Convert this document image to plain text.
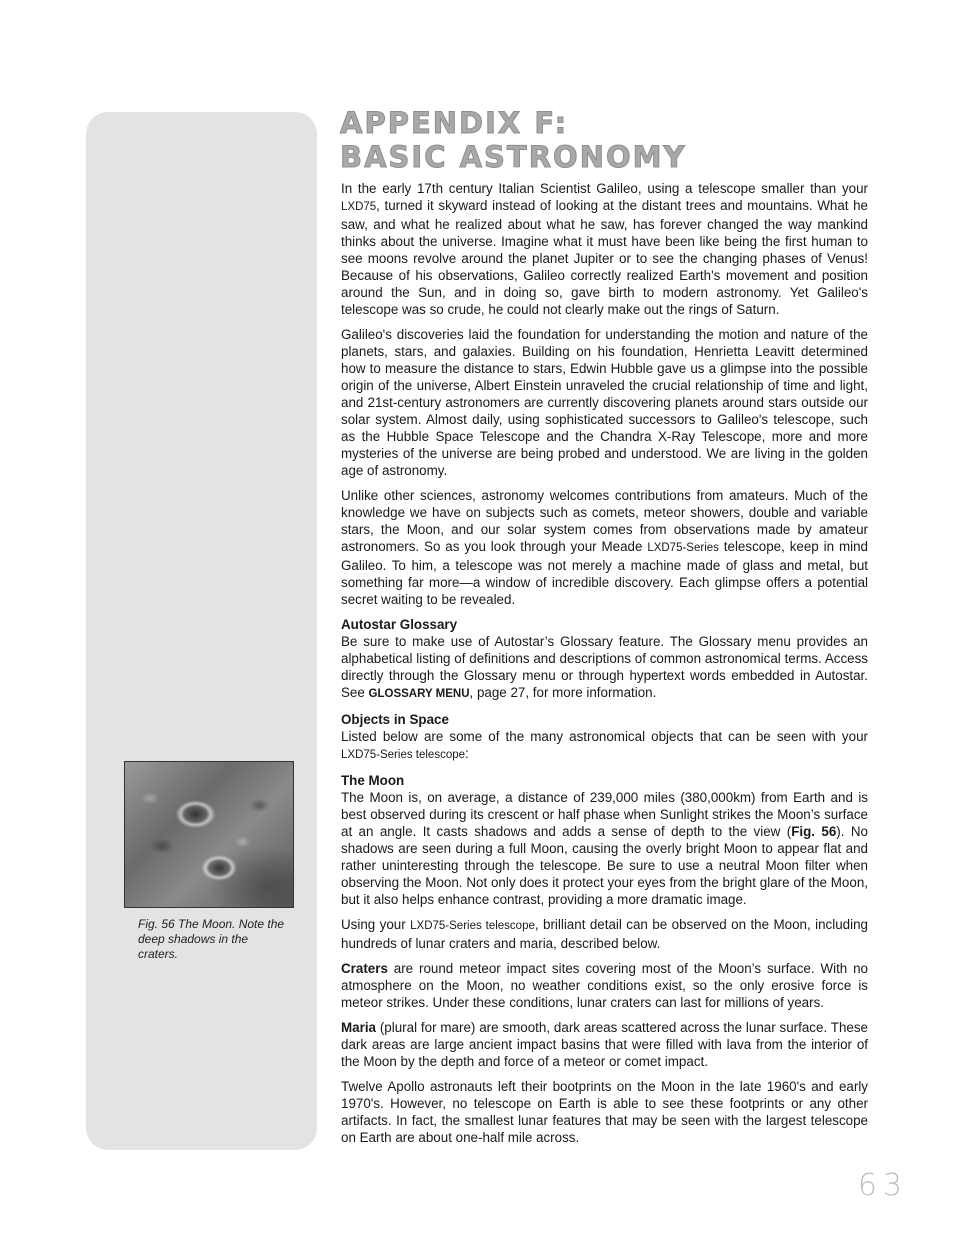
Fig. 56 The Moon. Note the deep shadows in the craters.
APPENDIX F:
BASIC ASTRONOMY

In the early 17th century Italian Scientist Galileo, using a telescope smaller than your LXD75, turned it skyward instead of looking at the distant trees and mountains. What he saw, and what he realized about what he saw, has forever changed the way mankind thinks about the universe. Imagine what it must have been like being the first human to see moons revolve around the planet Jupiter or to see the changing phases of Venus! Because of his observations, Galileo correctly realized Earth's movement and position around the Sun, and in doing so, gave birth to modern astronomy. Yet Galileo's telescope was so crude, he could not clearly make out the rings of Saturn.

Galileo's discoveries laid the foundation for understanding the motion and nature of the planets, stars, and galaxies. Building on his foundation, Henrietta Leavitt determined how to measure the distance to stars, Edwin Hubble gave us a glimpse into the possible origin of the universe, Albert Einstein unraveled the crucial relationship of time and light, and 21st-century astronomers are currently discovering planets around stars outside our solar system. Almost daily, using sophisticated successors to Galileo's telescope, such as the Hubble Space Telescope and the Chandra X-Ray Telescope, more and more mysteries of the universe are being probed and understood. We are living in the golden age of astronomy.

Unlike other sciences, astronomy welcomes contributions from amateurs. Much of the knowledge we have on subjects such as comets, meteor showers, double and variable stars, the Moon, and our solar system comes from observations made by amateur astronomers. So as you look through your Meade LXD75-Series telescope, keep in mind Galileo. To him, a telescope was not merely a machine made of glass and metal, but something far more—a window of incredible discovery. Each glimpse offers a potential secret waiting to be revealed.

Autostar Glossary

Be sure to make use of Autostar’s Glossary feature. The Glossary menu provides an alphabetical listing of definitions and descriptions of common astronomical terms. Access directly through the Glossary menu or through hypertext words embedded in Autostar. See GLOSSARY MENU, page 27, for more information.

Objects in Space

Listed below are some of the many astronomical objects that can be seen with your LXD75-Series telescope:

The Moon

The Moon is, on average, a distance of 239,000 miles (380,000km) from Earth and is best observed during its crescent or half phase when Sunlight strikes the Moon’s surface at an angle. It casts shadows and adds a sense of depth to the view (Fig. 56). No shadows are seen during a full Moon, causing the overly bright Moon to appear flat and rather uninteresting through the telescope. Be sure to use a neutral Moon filter when observing the Moon. Not only does it protect your eyes from the bright glare of the Moon, but it also helps enhance contrast, providing a more dramatic image.

Using your LXD75-Series telescope, brilliant detail can be observed on the Moon, including hundreds of lunar craters and maria, described below.

Craters are round meteor impact sites covering most of the Moon’s surface. With no atmosphere on the Moon, no weather conditions exist, so the only erosive force is meteor strikes. Under these conditions, lunar craters can last for millions of years.

Maria (plural for mare) are smooth, dark areas scattered across the lunar surface. These dark areas are large ancient impact basins that were filled with lava from the interior of the Moon by the depth and force of a meteor or comet impact.

Twelve Apollo astronauts left their bootprints on the Moon in the late 1960's and early 1970's. However, no telescope on Earth is able to see these footprints or any other artifacts. In fact, the smallest lunar features that may be seen with the largest telescope on Earth are about one-half mile across.

63
